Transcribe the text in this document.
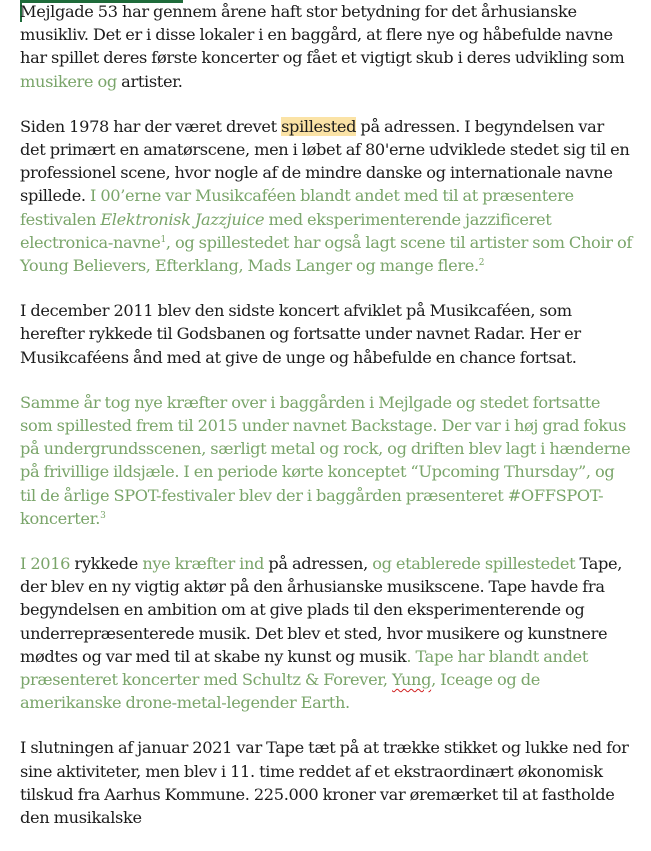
Mejlgade 53 har gennem årene haft stor betydning for det århusianske musikliv. Det er i disse lokaler i en baggård, at flere nye og håbefulde navne har spillet deres første koncerter og fået et vigtigt skub i deres udvikling som musikere og artister.

Siden 1978 har der været drevet spillested på adressen. I begyndelsen var det primært en amatørscene, men i løbet af 80'erne udviklede stedet sig til en professionel scene, hvor nogle af de mindre danske og internationale navne spillede. I 00’erne var Musikcaféen blandt andet med til at præsentere festivalen Elektronisk Jazzjuice med eksperimenterende jazzificeret electronica-navne$^1$, og spillestedet har også lagt scene til artister som Choir of Young Believers, Efterklang, Mads Langer og mange flere.$^2$

I december 2011 blev den sidste koncert afviklet på Musikcaféen, som herefter rykkede til Godsbanen og fortsatte under navnet Radar. Her er Musikcaféens ånd med at give de unge og håbefulde en chance fortsat.

Samme år tog nye kræfter over i baggården i Mejlgade og stedet fortsatte som spillested frem til 2015 under navnet Backstage. Der var i høj grad fokus på undergrundsscenen, særligt metal og rock, og driften blev lagt i hænderne på frivillige ildsjæle. I en periode kørte konceptet “Upcoming Thursday”, og til de årlige SPOT-festivaler blev der i baggården præsenteret #OFFSPOT-koncerter.$^3$

I 2016 rykkede nye kræfter ind på adressen, og etablerede spillestedet Tape, der blev en ny vigtig aktør på den århusianske musikscene. Tape havde fra begyndelsen en ambition om at give plads til den eksperimenterende og underrepræsenterede musik. Det blev et sted, hvor musikere og kunstnere mødtes og var med til at skabe ny kunst og musik. Tape har blandt andet præsenteret koncerter med Schultz & Forever, Yung, Iceage og de amerikanske drone-metal-legender Earth.

I slutningen af januar 2021 var Tape tæt på at trække stikket og lukke ned for sine aktiviteter, men blev i 11. time reddet af et ekstraordinært økonomisk tilskud fra Aarhus Kommune. 225.000 kroner var øremærket til at fastholde den musikalske
